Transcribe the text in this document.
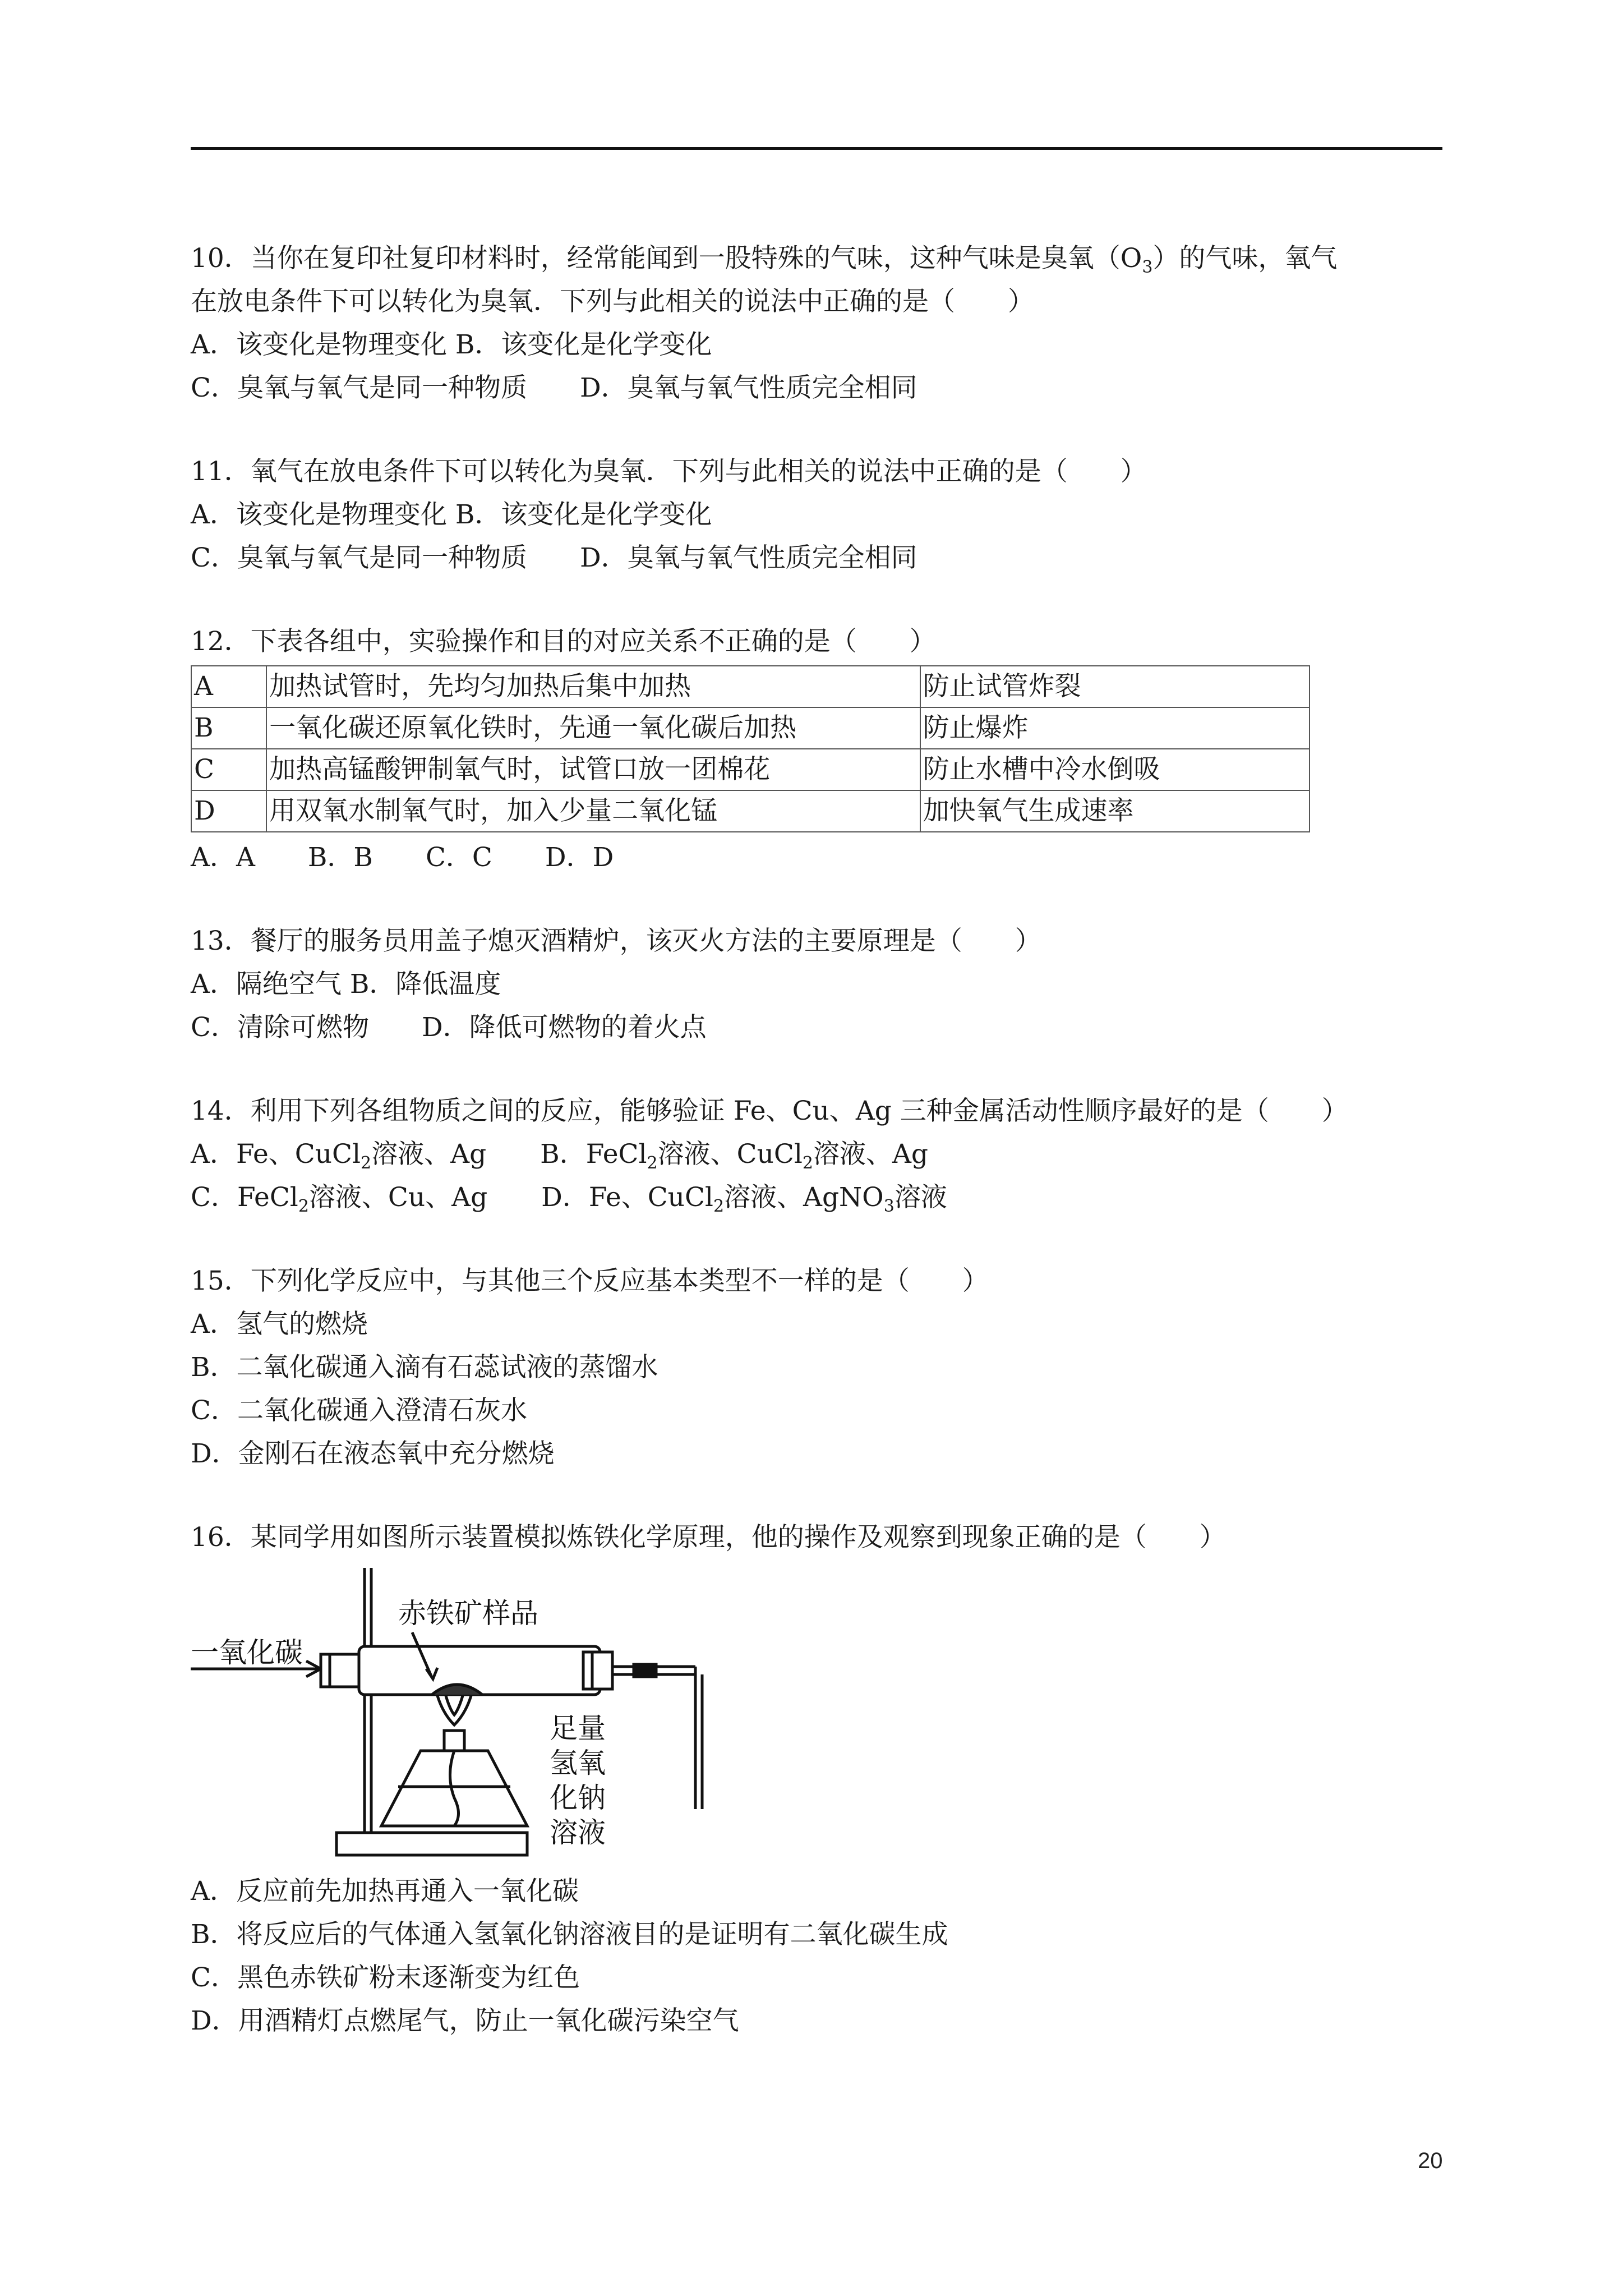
10．当你在复印社复印材料时，经常能闻到一股特殊的气味，这种气味是臭氧$(O_3)$的气味，氧气
在放电条件下可以转化为臭氧．下列与此相关的说法中正确的是（　　）
A．该变化是物理变化 B．该变化是化学变化
C．臭氧与氧气是同一种物质　　D．臭氧与氧气性质完全相同
11．氧气在放电条件下可以转化为臭氧．下列与此相关的说法中正确的是（　　）
A．该变化是物理变化 B．该变化是化学变化
C．臭氧与氧气是同一种物质　　D．臭氧与氧气性质完全相同
12．下表各组中，实验操作和目的对应关系不正确的是（　　）
A	加热试管时，先均匀加热后集中加热	防止试管炸裂
B	一氧化碳还原氧化铁时，先通一氧化碳后加热	防止爆炸
C	加热高锰酸钾制氧气时，试管口放一团棉花	防止水槽中冷水倒吸
D	用双氧水制氧气时，加入少量二氧化锰	加快氧气生成速率
A．A　　B．B　　C．C　　D．D
13．餐厅的服务员用盖子熄灭酒精炉，该灭火方法的主要原理是（　　）
A．隔绝空气 B．降低温度
C．清除可燃物　　D．降低可燃物的着火点
14．利用下列各组物质之间的反应，能够验证 Fe、Cu、Ag 三种金属活动性顺序最好的是（　　）
A．Fe、CuCl$_2$溶液、Ag B．FeCl$_2$溶液、CuCl$_2$溶液、Ag
C．FeCl$_2$溶液、Cu、Ag D．Fe、CuCl$_2$溶液、AgNO$_3$溶液
15．下列化学反应中，与其他三个反应基本类型不一样的是（　　）
A．氢气的燃烧
B．二氧化碳通入滴有石蕊试液的蒸馏水
C．二氧化碳通入澄清石灰水
D．金刚石在液态氧中充分燃烧
16．某同学用如图所示装置模拟炼铁化学原理，他的操作及观察到现象正确的是（　　）
一氧化碳
赤铁矿样品
足量
氢氧
化钠
溶液
A．反应前先加热再通入一氧化碳
B．将反应后的气体通入氢氧化钠溶液目的是证明有二氧化碳生成
C．黑色赤铁矿粉末逐渐变为红色
D．用酒精灯点燃尾气，防止一氧化碳污染空气
20
